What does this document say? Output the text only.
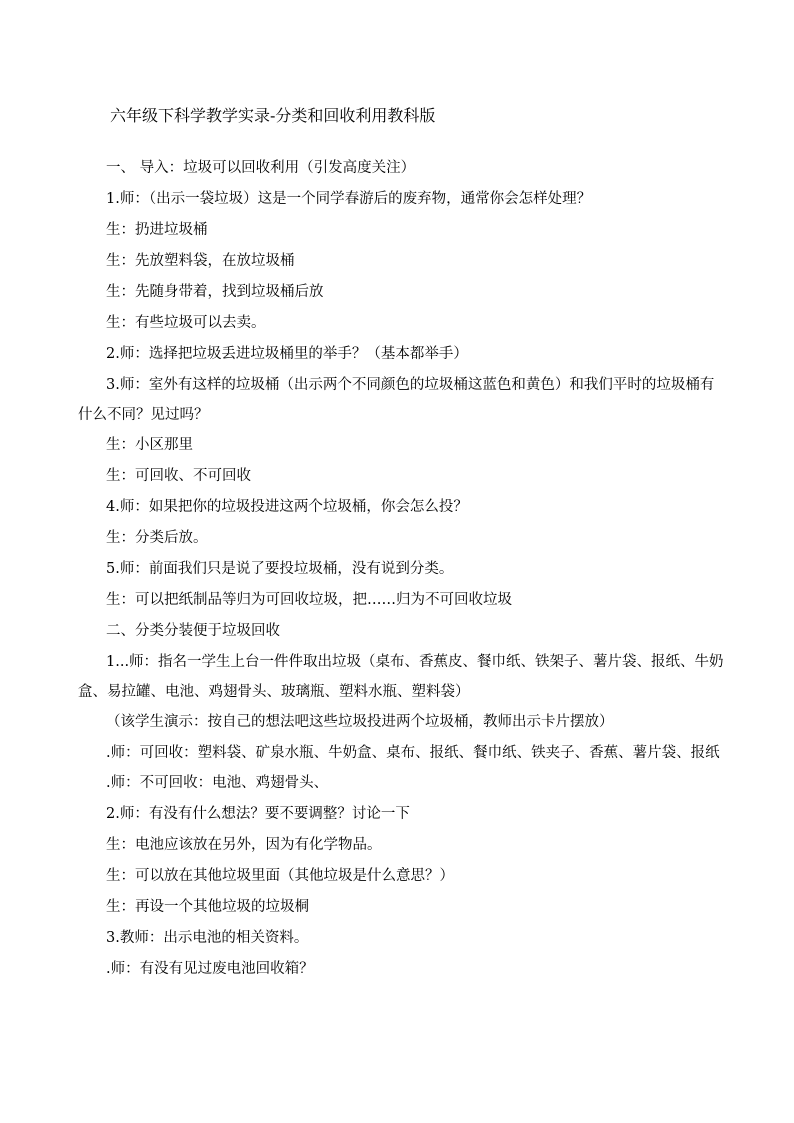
六年级下科学教学实录-分类和回收利用教科版

一、 导入：垃圾可以回收利用（引发高度关注）

1.师：（出示一袋垃圾）这是一个同学春游后的废弃物，通常你会怎样处理？

生：扔进垃圾桶

生：先放塑料袋，在放垃圾桶

生：先随身带着，找到垃圾桶后放

生：有些垃圾可以去卖。

2.师：选择把垃圾丢进垃圾桶里的举手？（基本都举手）

3.师：室外有这样的垃圾桶（出示两个不同颜色的垃圾桶这蓝色和黄色）和我们平时的垃圾桶有什么不同？见过吗？

生：小区那里

生：可回收、不可回收

4.师：如果把你的垃圾投进这两个垃圾桶，你会怎么投？

生：分类后放。

5.师：前面我们只是说了要投垃圾桶，没有说到分类。

生：可以把纸制品等归为可回收垃圾，把……归为不可回收垃圾

二、分类分装便于垃圾回收

1...师：指名一学生上台一件件取出垃圾（桌布、香蕉皮、餐巾纸、铁架子、薯片袋、报纸、牛奶盒、易拉罐、电池、鸡翅骨头、玻璃瓶、塑料水瓶、塑料袋）

（该学生演示：按自己的想法吧这些垃圾投进两个垃圾桶，教师出示卡片摆放）

.师：可回收：塑料袋、矿泉水瓶、牛奶盒、桌布、报纸、餐巾纸、铁夹子、香蕉、薯片袋、报纸

.师：不可回收：电池、鸡翅骨头、

2.师：有没有什么想法？要不要调整？讨论一下

生：电池应该放在另外，因为有化学物品。

生：可以放在其他垃圾里面（其他垃圾是什么意思？）

生：再设一个其他垃圾的垃圾桐

3.教师：出示电池的相关资料。

.师：有没有见过废电池回收箱？
